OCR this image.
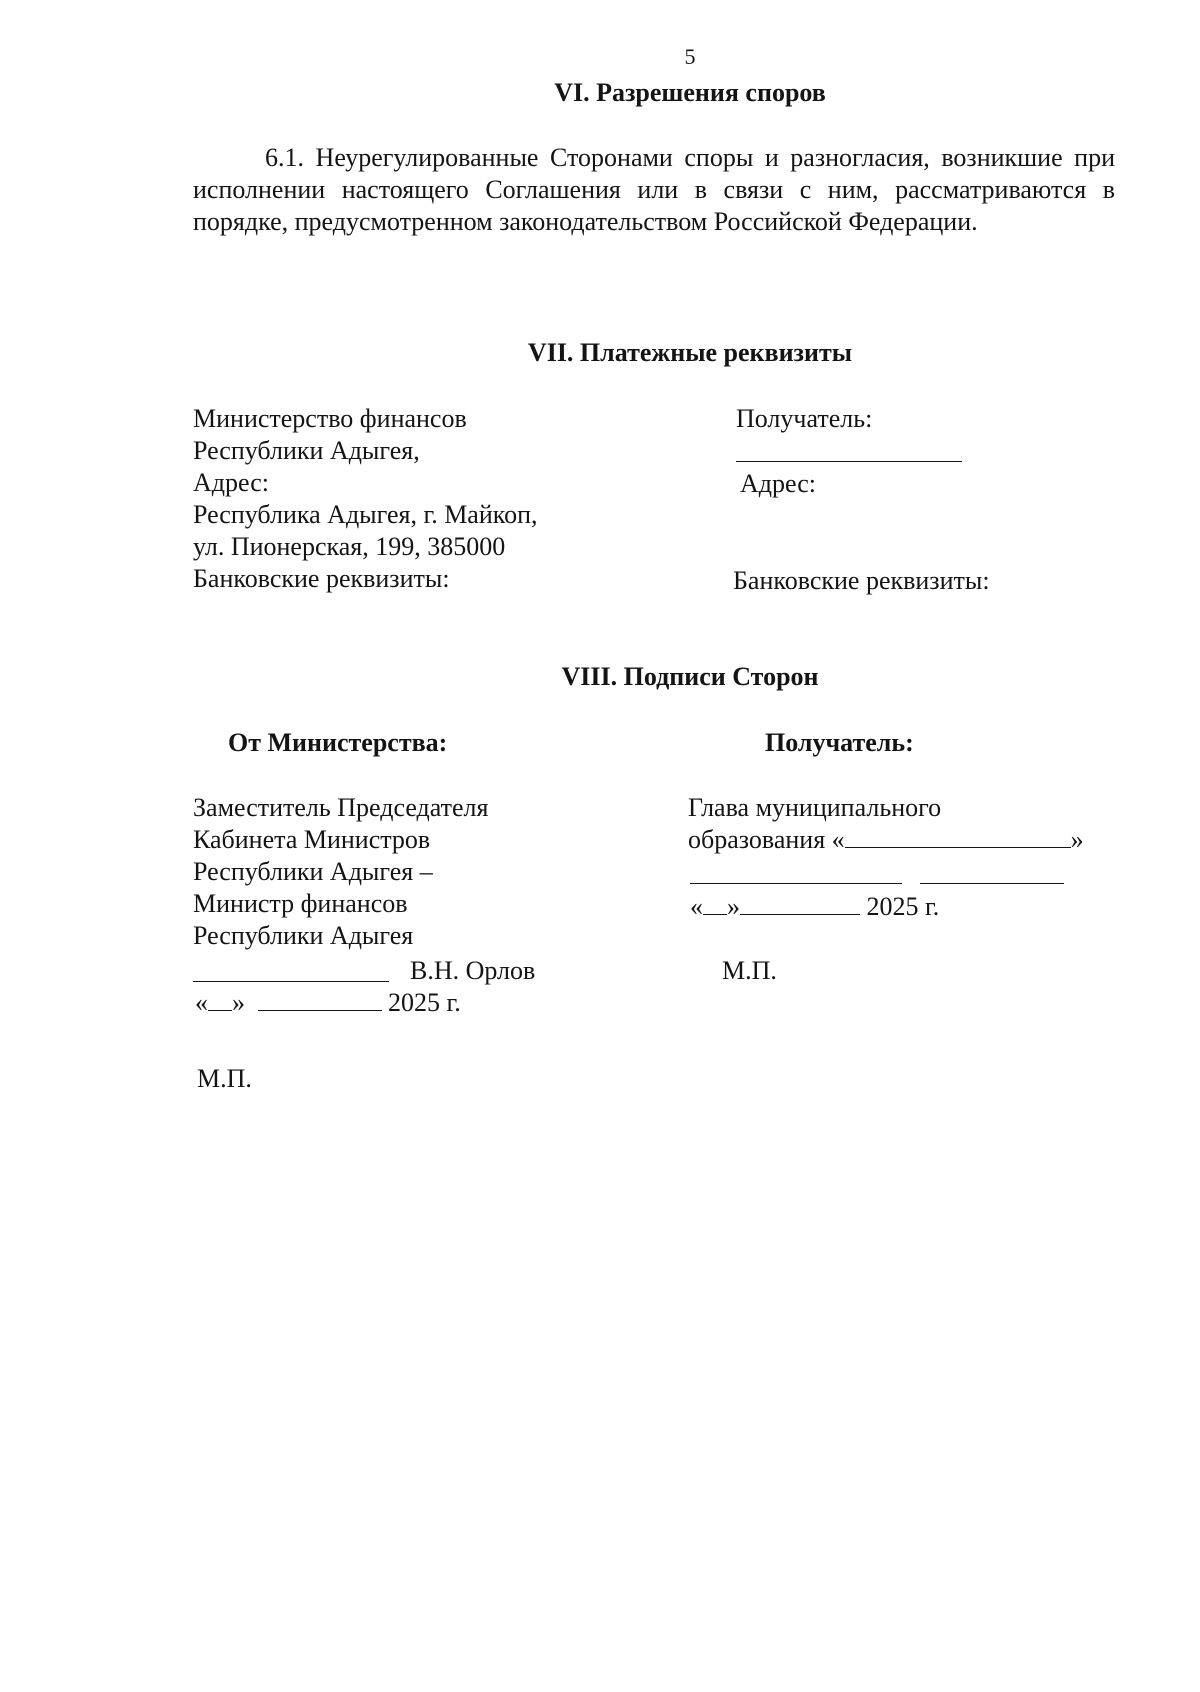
5
VI. Разрешения споров
6.1. Неурегулированные Сторонами споры и разногласия, возникшие при исполнении настоящего Соглашения или в связи с ним, рассматриваются в порядке, предусмотренном законодательством Российской Федерации.
VII. Платежные реквизиты
Министерство финансов
Республики Адыгея,
Адрес:
Республика Адыгея, г. Майкоп,
ул. Пионерская, 199, 385000
Банковские реквизиты:
Получатель:
Адрес:
Банковские реквизиты:
VIII. Подписи Сторон
От Министерства:	Получатель:
Заместитель Председателя
Кабинета Министров
Республики Адыгея –
Министр финансов
Республики Адыгея
В.Н. Орлов
« »	2025 г.
М.П.
Глава муниципального
образования «	»
« »	2025 г.
М.П.
